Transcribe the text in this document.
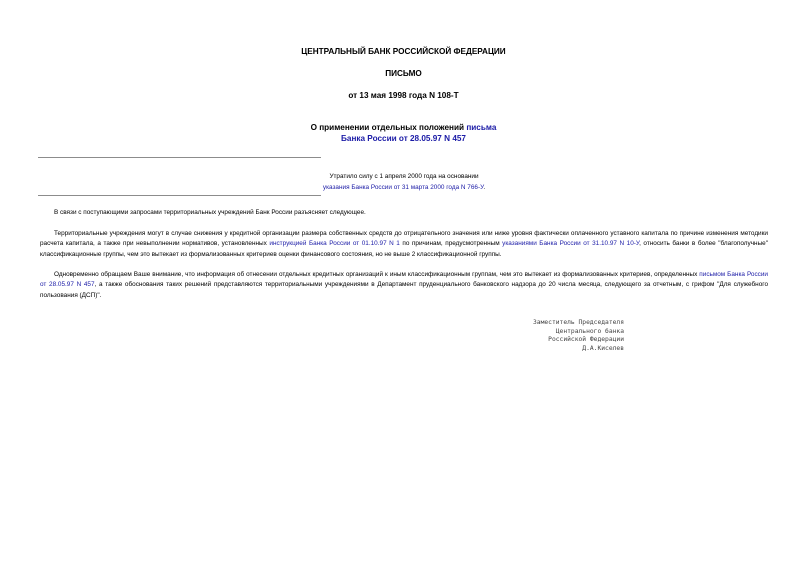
ЦЕНТРАЛЬНЫЙ БАНК РОССИЙСКОЙ ФЕДЕРАЦИИ
ПИСЬМО
от 13 мая 1998 года N 108-Т
О применении отдельных положений письма
Банка России от 28.05.97 N 457
Утратило силу с 1 апреля 2000 года на основании
указания Банка России от 31 марта 2000 года N 766-У.

В связи с поступающими запросами территориальных учреждений Банк России разъясняет следующее.

Территориальные учреждения могут в случае снижения у кредитной организации размера собственных средств до отрицательного значения или ниже уровня фактически оплаченного уставного капитала по причине изменения методики расчета капитала, а также при невыполнении нормативов, установленных инструкцией Банка России от 01.10.97 N 1 по причинам, предусмотренным указаниями Банка России от 31.10.97 N 10-У, относить банки в более "благополучные" классификационные группы, чем это вытекает из формализованных критериев оценки финансового состояния, но не выше 2 классификационной группы.

Одновременно обращаем Ваше внимание, что информация об отнесении отдельных кредитных организаций к иным классификационным группам, чем это вытекает из формализованных критериев, определенных письмом Банка России от 28.05.97 N 457, а также обоснования таких решений представляются территориальными учреждениями в Департамент пруденциального банковского надзора до 20 числа месяца, следующего за отчетным, с грифом "Для служебного пользования (ДСП)".

Заместитель Председателя
Центрального банка
Российской Федерации
Д.А.Киселев
